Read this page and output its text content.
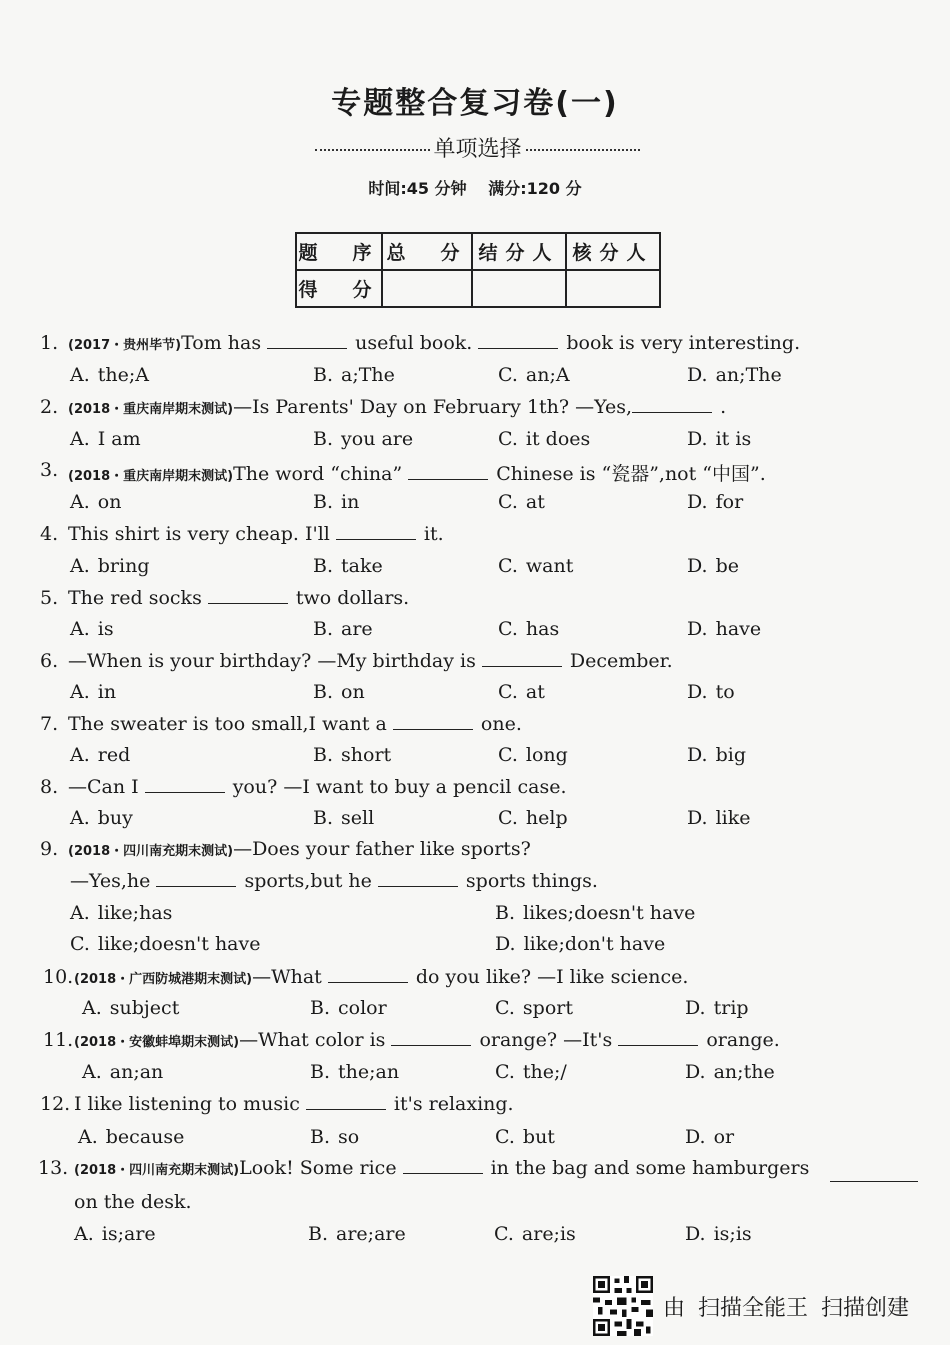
专题整合复习卷(一)
单项选择
时间:45 分钟 满分:120 分
题　序	总　分	结分人	核分人
得　分			
1. (2017・贵州毕节)Tom has	useful book.	book is very interesting.
A. the;A	B. a;The	C. an;A	D. an;The
2. (2018・重庆南岸期末测试)—Is Parents' Day on February 1th? —Yes,	.
A. I am	B. you are	C. it does	D. it is
3. (2018・重庆南岸期末测试)The word “china”	Chinese is “瓷器”,not “中国”.
A. on	B. in	C. at	D. for
4. This shirt is very cheap. I'll	it.
A. bring	B. take	C. want	D. be
5. The red socks	two dollars.
A. is	B. are	C. has	D. have
6. —When is your birthday? —My birthday is	December.
A. in	B. on	C. at	D. to
7. The sweater is too small,I want a	one.
A. red	B. short	C. long	D. big
8. —Can I	you? —I want to buy a pencil case.
A. buy	B. sell	C. help	D. like
9. (2018・四川南充期末测试)—Does your father like sports?
—Yes,he	sports,but he	sports things.
A. like;has	B. likes;doesn't have
C. like;doesn't have	D. like;don't have
10. (2018・广西防城港期末测试)—What	do you like? —I like science.
A. subject	B. color	C. sport	D. trip
11. (2018・安徽蚌埠期末测试)—What color is	orange? —It's	orange.
A. an;an	B. the;an	C. the;/	D. an;the
12. I like listening to music	it's relaxing.
A. because	B. so	C. but	D. or
13. (2018・四川南充期末测试)Look! Some rice	in the bag and some hamburgers
on the desk.
A. is;are	B. are;are	C. are;is	D. is;is
由 扫描全能王 扫描创建
